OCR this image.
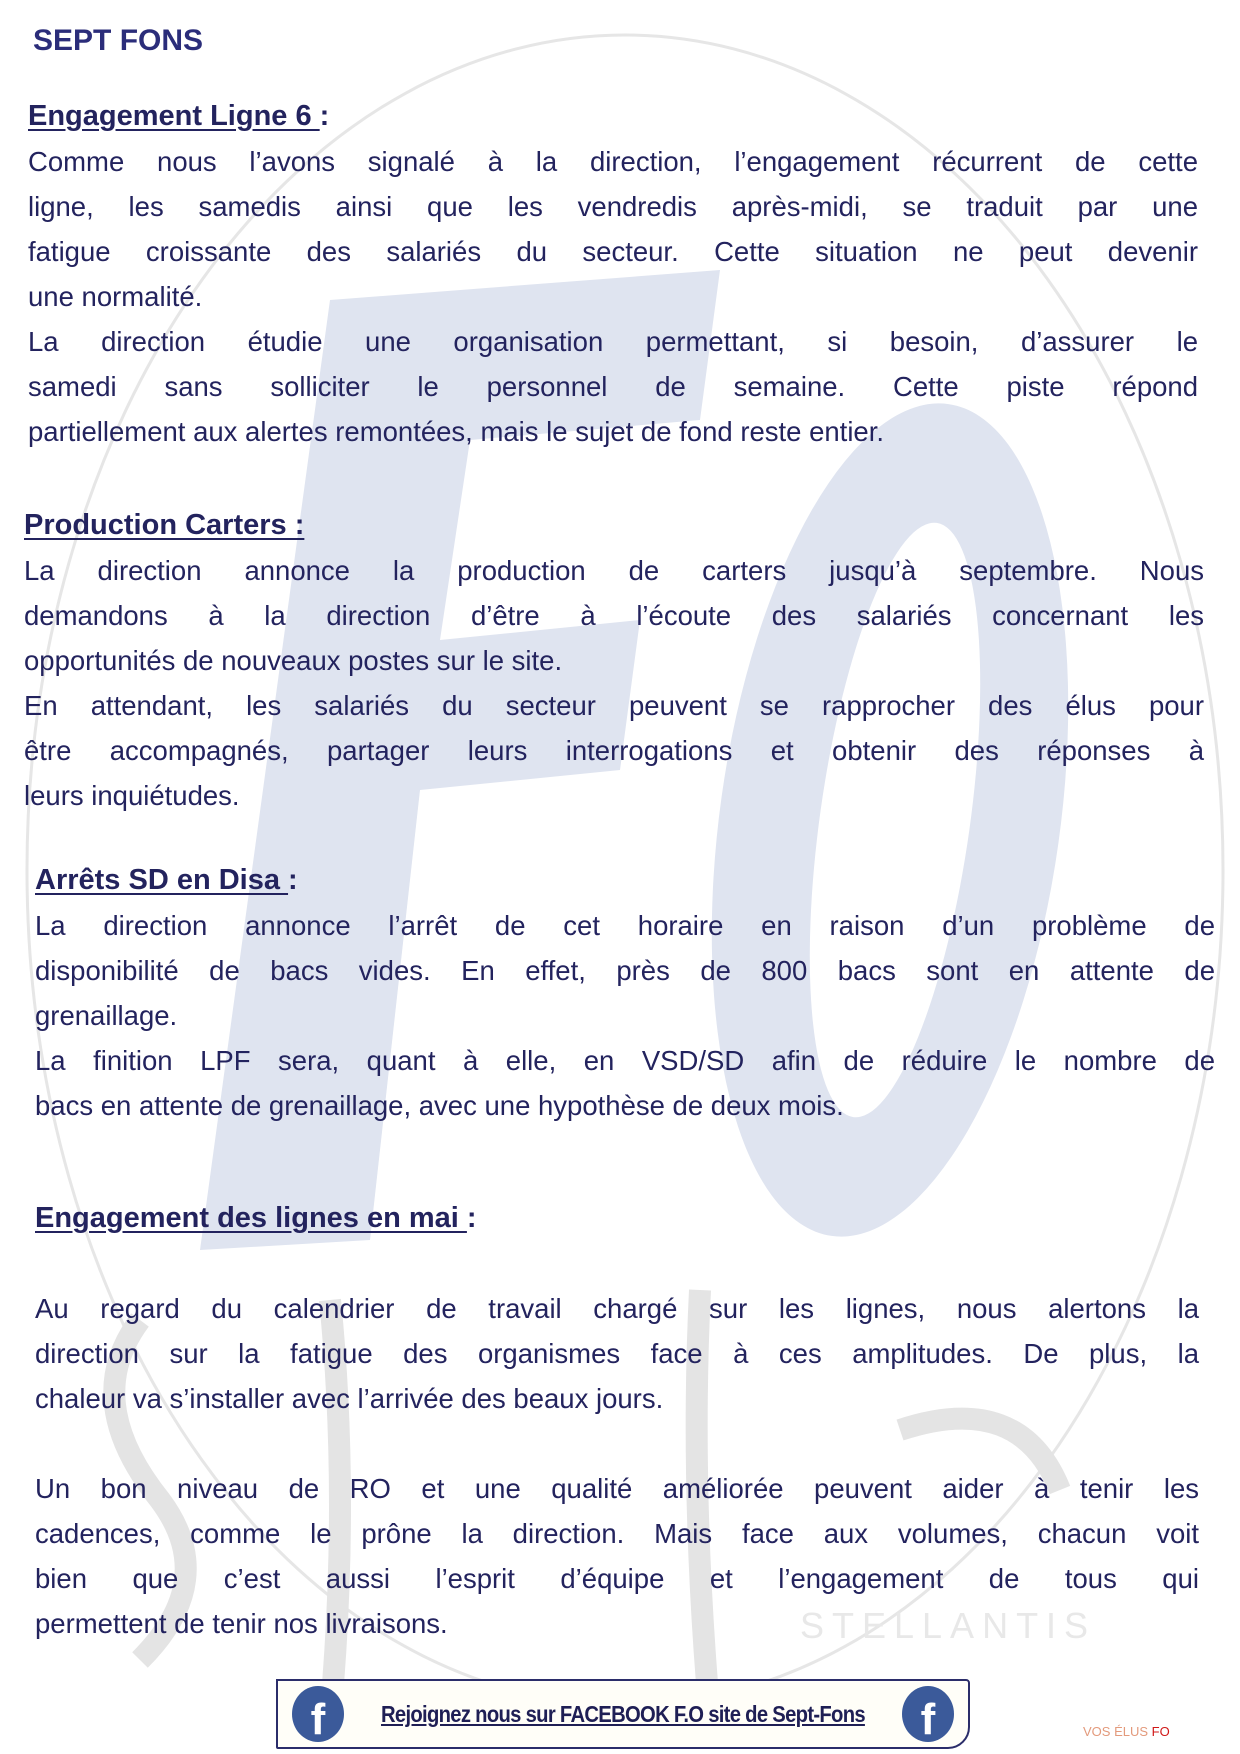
STELLANTIS
SEPT FONS
Engagement Ligne 6 :
Comme nous l’avons signalé à la direction, l’engagement récurrent de cette
ligne, les samedis ainsi que les vendredis après-midi, se traduit par une
fatigue croissante des salariés du secteur. Cette situation ne peut devenir
une normalité.
La direction étudie une organisation permettant, si besoin, d’assurer le
samedi sans solliciter le personnel de semaine. Cette piste répond
partiellement aux alertes remontées, mais le sujet de fond reste entier.
Production Carters :
La direction annonce la production de carters jusqu’à septembre. Nous
demandons à la direction d’être à l’écoute des salariés concernant les
opportunités de nouveaux postes sur le site.
En attendant, les salariés du secteur peuvent se rapprocher des élus pour
être accompagnés, partager leurs interrogations et obtenir des réponses à
leurs inquiétudes.
Arrêts SD en Disa :
La direction annonce l’arrêt de cet horaire en raison d’un problème de
disponibilité de bacs vides. En effet, près de 800 bacs sont en attente de
grenaillage.
La finition LPF sera, quant à elle, en VSD/SD afin de réduire le nombre de
bacs en attente de grenaillage, avec une hypothèse de deux mois.
Engagement des lignes en mai :
Au regard du calendrier de travail chargé sur les lignes, nous alertons la
direction sur la fatigue des organismes face à ces amplitudes. De plus, la
chaleur va s’installer avec l’arrivée des beaux jours.
Un bon niveau de RO et une qualité améliorée peuvent aider à tenir les
cadences, comme le prône la direction. Mais face aux volumes, chacun voit
bien que c’est aussi l’esprit d’équipe et l’engagement de tous qui
permettent de tenir nos livraisons.
f	Rejoignez nous sur FACEBOOK F.O site de Sept-Fons	f	VOS ÉLUS FO
